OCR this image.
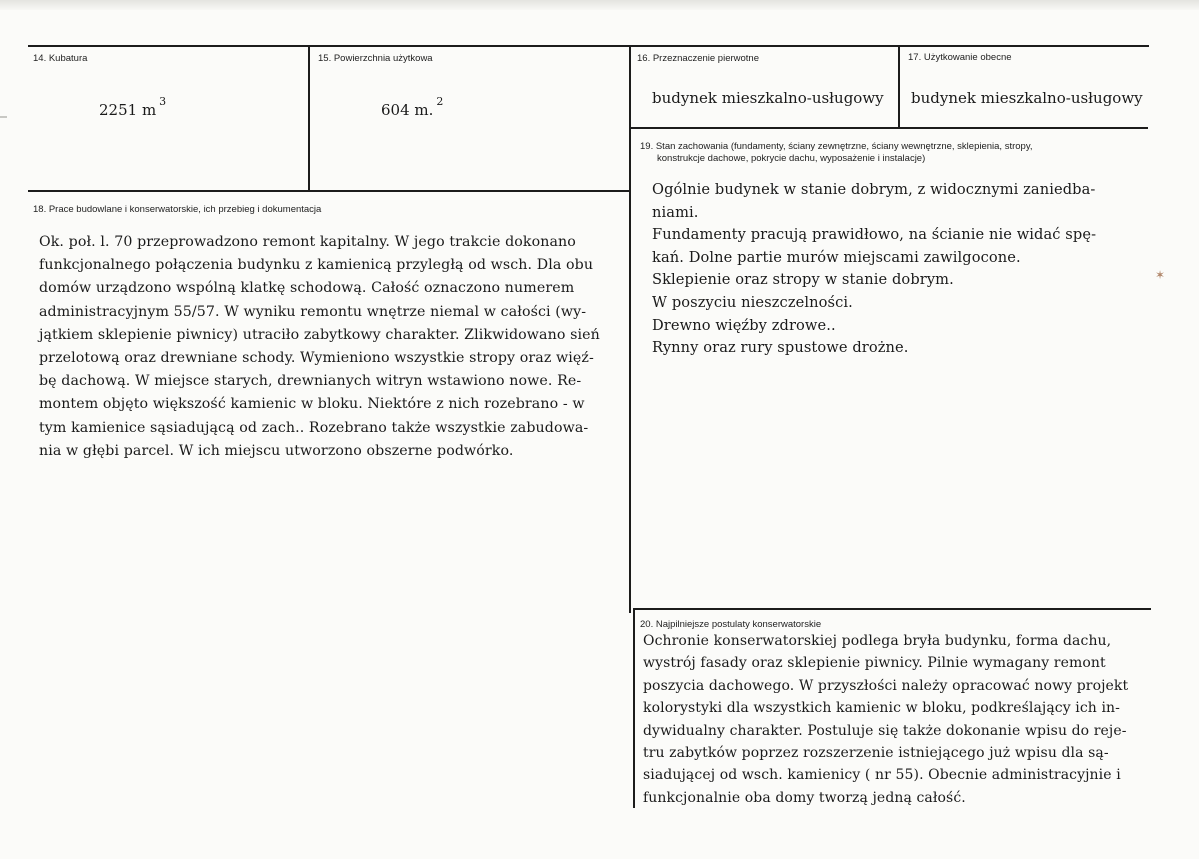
✶
14. Kubatura
2251 m $^3$
15. Powierzchnia użytkowa
604 m. $^2$
16. Przeznaczenie pierwotne
budynek mieszkalno-usługowy
17. Użytkowanie obecne
budynek mieszkalno-usługowy
18. Prace budowlane i konserwatorskie, ich przebieg i dokumentacja
Ok. poł. l. 70 przeprowadzono remont kapitalny. W jego trakcie dokonano
funkcjonalnego połączenia budynku z kamienicą przyległą od wsch. Dla obu
domów urządzono wspólną klatkę schodową. Całość oznaczono numerem
administracyjnym 55/57. W wyniku remontu wnętrze niemal w całości (wy-
jątkiem sklepienie piwnicy) utraciło zabytkowy charakter. Zlikwidowano sień
przelotową oraz drewniane schody. Wymieniono wszystkie stropy oraz więź-
bę dachową. W miejsce starych, drewnianych witryn wstawiono nowe. Re-
montem objęto większość kamienic w bloku. Niektóre z nich rozebrano - w
tym kamienice sąsiadującą od zach.. Rozebrano także wszystkie zabudowa-
nia w głębi parcel. W ich miejscu utworzono obszerne podwórko.
19. Stan zachowania (fundamenty, ściany zewnętrzne, ściany wewnętrzne, sklepienia, stropy,
konstrukcje dachowe, pokrycie dachu, wyposażenie i instalacje)
Ogólnie budynek w stanie dobrym, z widocznymi zaniedba-
niami.
Fundamenty pracują prawidłowo, na ścianie nie widać spę-
kań. Dolne partie murów miejscami zawilgocone.
Sklepienie oraz stropy w stanie dobrym.
W poszyciu nieszczelności.
Drewno więźby zdrowe..
Rynny oraz rury spustowe drożne.
20. Najpilniejsze postulaty konserwatorskie
Ochronie konserwatorskiej podlega bryła budynku, forma dachu,
wystrój fasady oraz sklepienie piwnicy. Pilnie wymagany remont
poszycia dachowego. W przyszłości należy opracować nowy projekt
kolorystyki dla wszystkich kamienic w bloku, podkreślający ich in-
dywidualny charakter. Postuluje się także dokonanie wpisu do reje-
tru zabytków poprzez rozszerzenie istniejącego już wpisu dla są-
siadującej od wsch. kamienicy ( nr 55). Obecnie administracyjnie i
funkcjonalnie oba domy tworzą jedną całość.
